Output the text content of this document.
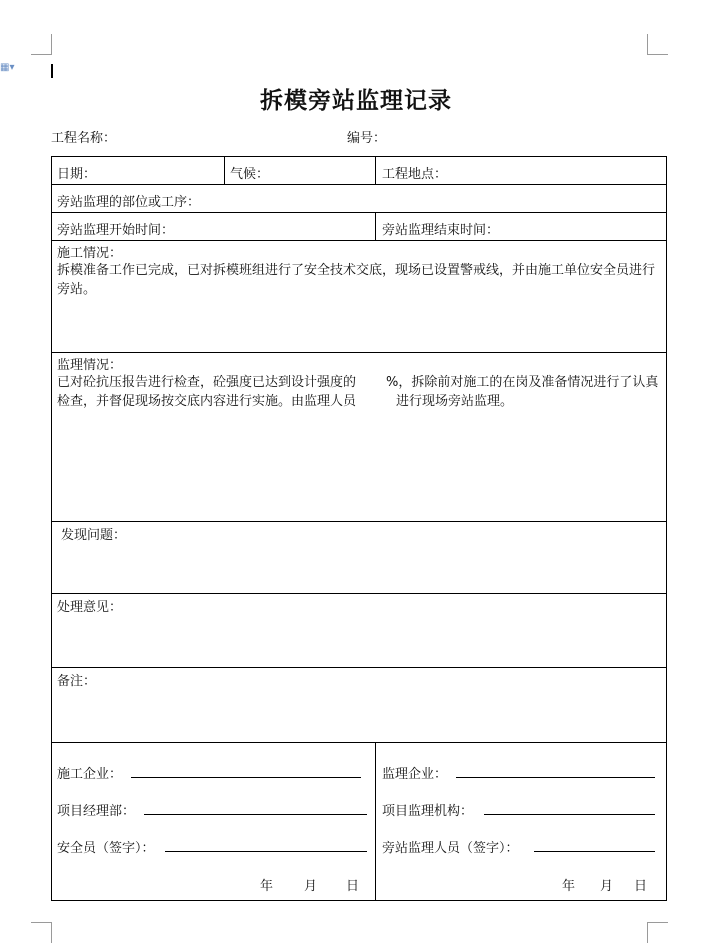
▦▾
拆模旁站监理记录
工程名称：	编号：
日期：	气候：	工程地点：
旁站监理的部位或工序：
旁站监理开始时间：	旁站监理结束时间：
施工情况：
拆模准备工作已完成，已对拆模班组进行了安全技术交底，现场已设置警戒线，并由施工单位安全员进行旁站。
监理情况：
已对砼抗压报告进行检查，砼强度已达到设计强度的 %，拆除前对施工的在岗及准备情况进行了认真检查，并督促现场按交底内容进行实施。由监理人员	进行现场旁站监理。
发现问题：
处理意见：
备注：
施工企业：
项目经理部：
安全员（签字）：
年 月 日
监理企业：
项目监理机构：
旁站监理人员（签字）：
年 月 日
